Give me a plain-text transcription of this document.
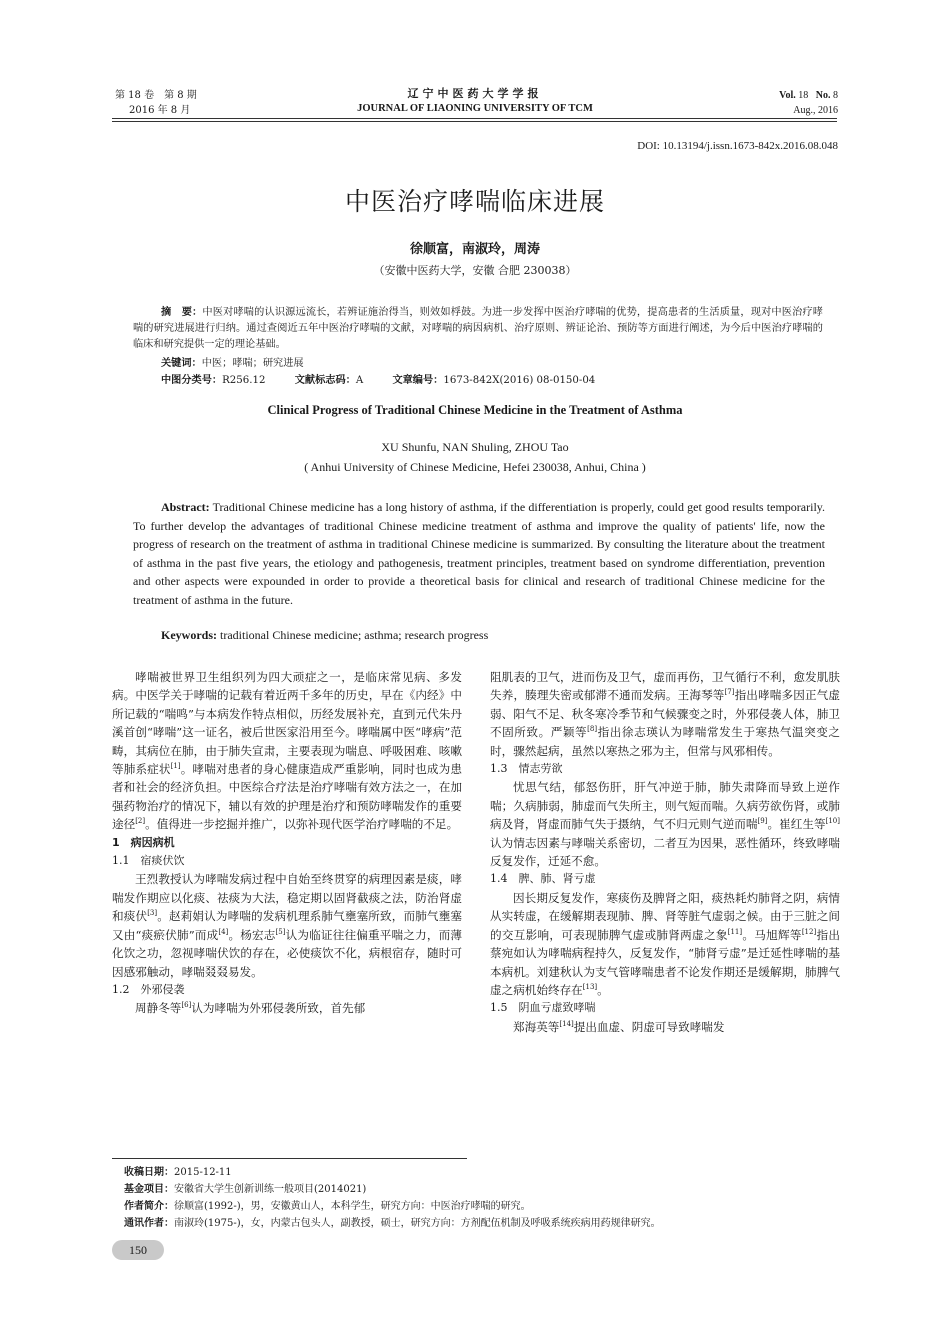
第 18 卷　第 8 期
2016 年 8 月
辽宁中医药大学学报
JOURNAL OF LIAONING UNIVERSITY OF TCM
Vol. 18 No. 8
Aug., 2016
DOI: 10.13194/j.issn.1673-842x.2016.08.048
中医治疗哮喘临床进展
徐顺富，南淑玲，周涛
（安徽中医药大学，安徽 合肥 230038）
摘　要：中医对哮喘的认识源远流长，若辨证施治得当，则效如桴鼓。为进一步发挥中医治疗哮喘的优势，提高患者的生活质量，现对中医治疗哮喘的研究进展进行归纳。通过查阅近五年中医治疗哮喘的文献，对哮喘的病因病机、治疗原则、辨证论治、预防等方面进行阐述，为今后中医治疗哮喘的临床和研究提供一定的理论基础。
关键词：中医；哮喘；研究进展
中图分类号：R256.12	文献标志码：A	文章编号：1673-842X(2016) 08-0150-04
Clinical Progress of Traditional Chinese Medicine in the Treatment of Asthma
XU Shunfu, NAN Shuling, ZHOU Tao
( Anhui University of Chinese Medicine, Hefei 230038, Anhui, China )
Abstract: Traditional Chinese medicine has a long history of asthma, if the differentiation is properly, could get good results temporarily. To further develop the advantages of traditional Chinese medicine treatment of asthma and improve the quality of patients' life, now the progress of research on the treatment of asthma in traditional Chinese medicine is summarized. By consulting the literature about the treatment of asthma in the past five years, the etiology and pathogenesis, treatment principles, treatment based on syndrome differentiation, prevention and other aspects were expounded in order to provide a theoretical basis for clinical and research of traditional Chinese medicine for the treatment of asthma in the future.
Keywords: traditional Chinese medicine; asthma; research progress

哮喘被世界卫生组织列为四大顽症之一，是临床常见病、多发病。中医学关于哮喘的记载有着近两千多年的历史，早在《内经》中所记载的“喘鸣”与本病发作特点相似，历经发展补充，直到元代朱丹溪首创“哮喘”这一证名，被后世医家沿用至今。哮喘属中医“哮病”范畴，其病位在肺，由于肺失宣肃，主要表现为喘息、呼吸困难、咳嗽等肺系症状[1]。哮喘对患者的身心健康造成严重影响，同时也成为患者和社会的经济负担。中医综合疗法是治疗哮喘有效方法之一，在加强药物治疗的情况下，辅以有效的护理是治疗和预防哮喘发作的重要途径[2]。值得进一步挖掘并推广，以弥补现代医学治疗哮喘的不足。

1　病因病机

1.1　宿痰伏饮

王烈教授认为哮喘发病过程中自始至终贯穿的病理因素是痰，哮喘发作期应以化痰、祛痰为大法，稳定期以固肾截痰之法，防治肾虚和痰伏[3]。赵莉娟认为哮喘的发病机理系肺气壅塞所致，而肺气壅塞又由“痰瘀伏肺”而成[4]。杨宏志[5]认为临证往往偏重平喘之力，而薄化饮之功，忽视哮喘伏饮的存在，必使痰饮不化，病根宿存，随时可因感邪触动，哮喘叕叕易发。

1.2　外邪侵袭

周静冬等[6]认为哮喘为外邪侵袭所致，首先郁

阻肌表的卫气，进而伤及卫气，虚而再伤，卫气循行不利，愈发肌肤失养，腠理失密或郁滞不通而发病。王海琴等[7]指出哮喘多因正气虚弱、阳气不足、秋冬寒冷季节和气候骤变之时，外邪侵袭人体，肺卫不固所致。严颖等[8]指出徐志瑛认为哮喘常发生于寒热气温突变之时，骤然起病，虽然以寒热之邪为主，但常与风邪相传。

1.3　情志劳欲

忧思气结，郁怒伤肝，肝气冲逆于肺，肺失肃降而导致上逆作喘；久病肺弱，肺虚而气失所主，则气短而喘。久病劳欲伤肾，或肺病及肾，肾虚而肺气失于摄纳，气不归元则气逆而喘[9]。崔红生等[10]认为情志因素与哮喘关系密切，二者互为因果，恶性循环，终致哮喘反复发作，迁延不愈。

1.4　脾、肺、肾亏虚

因长期反复发作，寒痰伤及脾肾之阳，痰热耗灼肺肾之阴，病情从实转虚，在缓解期表现肺、脾、肾等脏气虚弱之候。由于三脏之间的交互影响，可表现肺脾气虚或肺肾两虚之象[11]。马旭辉等[12]指出蔡宛如认为哮喘病程持久，反复发作，“肺肾亏虚”是迁延性哮喘的基本病机。刘建秋认为支气管哮喘患者不论发作期还是缓解期，肺脾气虚之病机始终存在[13]。

1.5　阴血亏虚致哮喘

郑海英等[14]提出血虚、阴虚可导致哮喘发

收稿日期：2015-12-11
基金项目：安徽省大学生创新训练一般项目(2014021)
作者简介：徐顺富(1992-)，男，安徽黄山人，本科学生，研究方向：中医治疗哮喘的研究。
通讯作者：南淑玲(1975-)，女，内蒙古包头人，副教授，硕士，研究方向：方剂配伍机制及呼吸系统疾病用药规律研究。
150
